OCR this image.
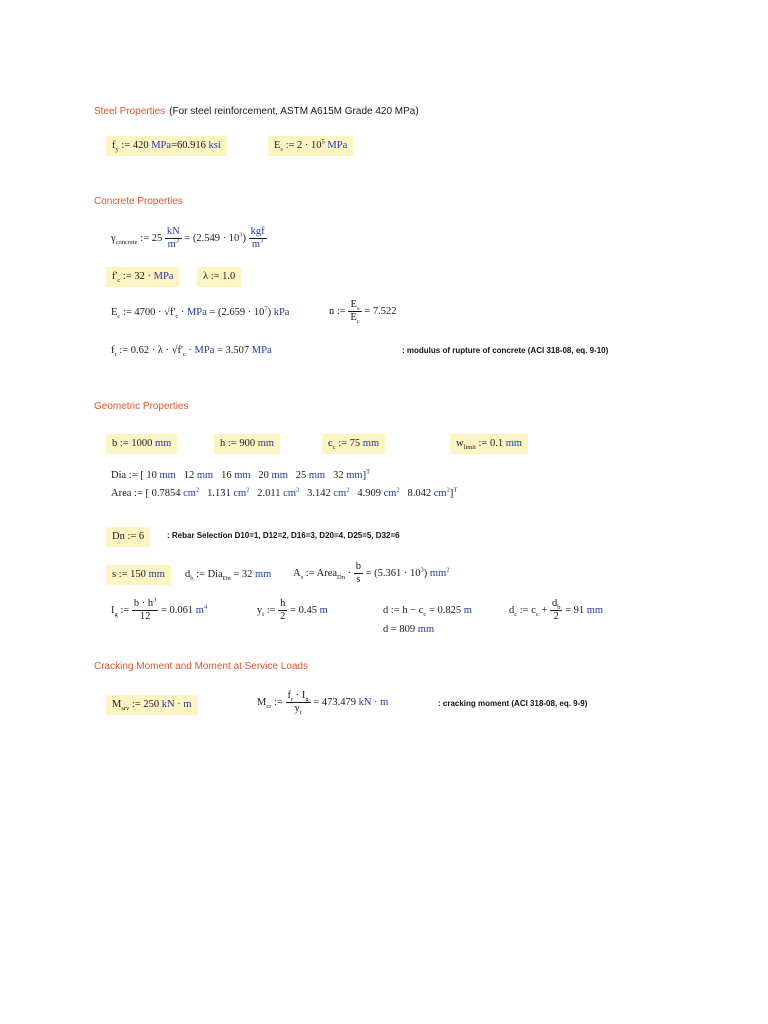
Steel Properties (For steel reinforcement, ASTM A615M Grade 420 MPa)
$f_y$ := 420 MPa=60.916 ksi	$E_s$ := $2 \cdot 10^5$ MPa
Concrete Properties
$\gamma_{concrete}$ := $25 \frac{kN}{m^3} = (2.549 \cdot 10^3) \frac{\text{kgf}}{m^3}$
$f'_c$ := 32 · MPa	λ := 1.0
$E_c$ := $4700 \cdot √f'_c$ · MPa = $(2.659 \cdot 10^7)$ kPa	n := $\frac{E_s}{E_c} = 7.522$
$f_r$ := $0.62 \cdot \lambda \cdot √f'_c$ · MPa = 3.507 MPa	: modulus of rupture of concrete (ACI 318-08, eq. 9-10)
Geometric Properties
b := 1000 mm	h := 900 mm	$c_c$ := 75 mm	$w_{limit}$ := 0.1 mm
Dia := [ 10 mm 12 mm 16 mm 20 mm 25 mm 32 mm]$^T$
Area := [ 0.7854 $cm^2$ 1.131 $cm^2$ 2.011 $cm^2$ 3.142 $cm^2$ 4.909 $cm^2$ 8.042 $cm^2]^T$
Dn := 6	: Rebar Selection D10=1, D12=2, D16=3, D20=4, D25=5, D32=6
s := 150 mm	$d_b$ := Dia$_{Dn}$ = 32 mm $A_s$ := Area$_{Dn}$ · $\frac{b}{s} = (5.361 \cdot 10^3)$ $mm^2$
$I_g$ := $\frac{b \cdot h^3}{12} = 0.061$ $m^4$	$y_t$ := $\frac{h}{2} = 0.45$ m	d := $h - c_c = 0.825$ m
d = 809 mm
$d_c$ := $c_c + \frac{d_b}{2} = 91$ mm
Cracking Moment and Moment at Service Loads
$M_{srv}$ := 250 kN · m	$M_{cr}$ := $\frac{f_r \cdot I_g}{y_t} = 473.479$ kN · m	: cracking moment (ACI 318-08, eq. 9-9)
